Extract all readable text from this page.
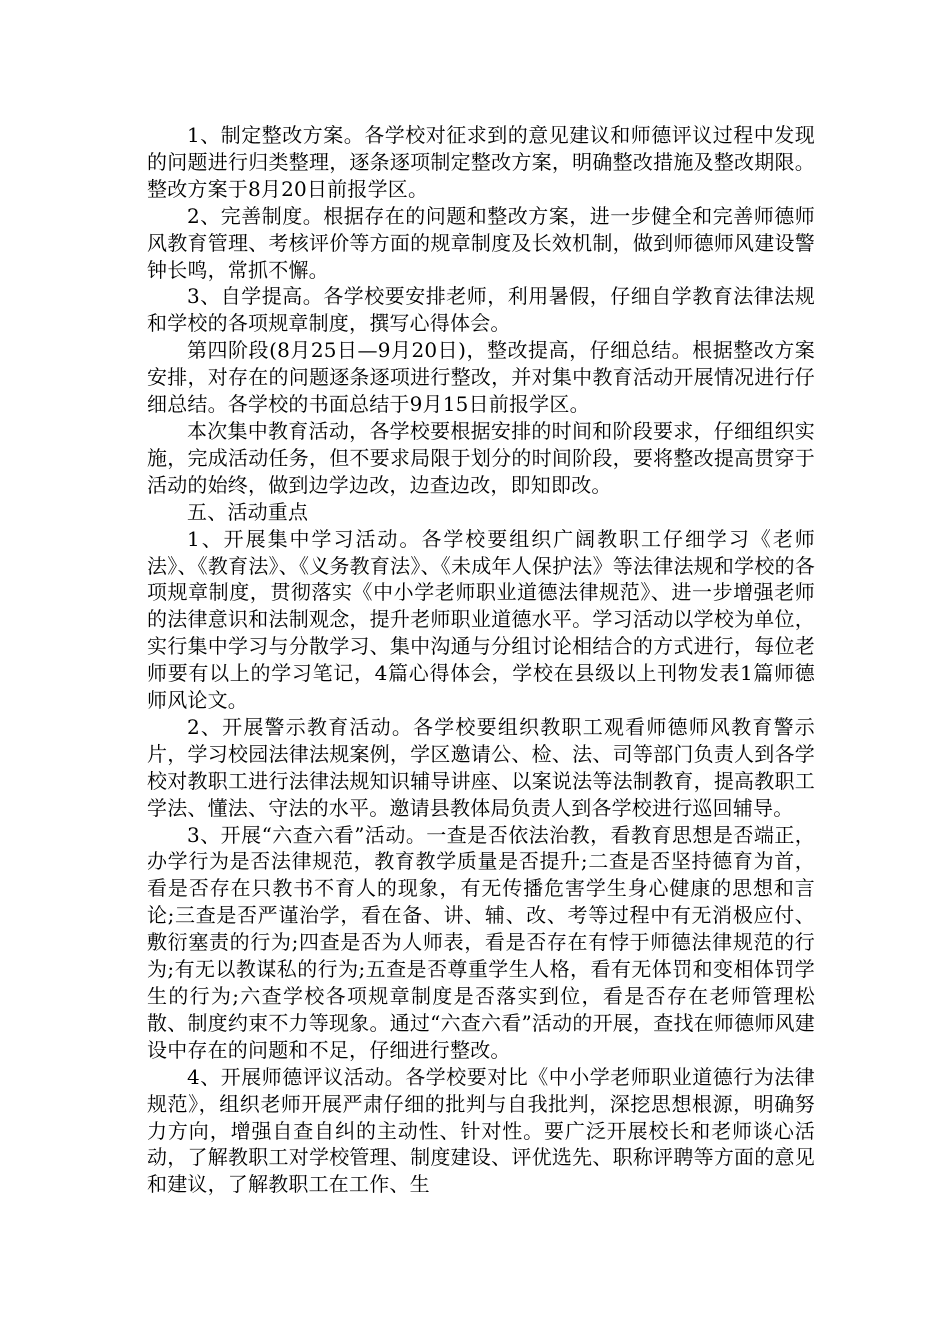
1、制定整改方案。各学校对征求到的意见建议和师德评议过程中发现的问题进行归类整理，逐条逐项制定整改方案，明确整改措施及整改期限。整改方案于8月20日前报学区。

2、完善制度。根据存在的问题和整改方案，进一步健全和完善师德师风教育管理、考核评价等方面的规章制度及长效机制，做到师德师风建设警钟长鸣，常抓不懈。

3、自学提高。各学校要安排老师，利用暑假，仔细自学教育法律法规和学校的各项规章制度，撰写心得体会。

第四阶段(8月25日—9月20日)，整改提高，仔细总结。根据整改方案安排，对存在的问题逐条逐项进行整改，并对集中教育活动开展情况进行仔细总结。各学校的书面总结于9月15日前报学区。

本次集中教育活动，各学校要根据安排的时间和阶段要求，仔细组织实施，完成活动任务，但不要求局限于划分的时间阶段，要将整改提高贯穿于活动的始终，做到边学边改，边查边改，即知即改。

五、活动重点

1、开展集中学习活动。各学校要组织广阔教职工仔细学习《老师法》、《教育法》、《义务教育法》、《未成年人保护法》等法律法规和学校的各项规章制度，贯彻落实《中小学老师职业道德法律规范》、进一步增强老师的法律意识和法制观念，提升老师职业道德水平。学习活动以学校为单位，实行集中学习与分散学习、集中沟通与分组讨论相结合的方式进行，每位老师要有以上的学习笔记，4篇心得体会，学校在县级以上刊物发表1篇师德师风论文。

2、开展警示教育活动。各学校要组织教职工观看师德师风教育警示片，学习校园法律法规案例，学区邀请公、检、法、司等部门负责人到各学校对教职工进行法律法规知识辅导讲座、以案说法等法制教育，提高教职工学法、懂法、守法的水平。邀请县教体局负责人到各学校进行巡回辅导。

3、开展“六查六看”活动。一查是否依法治教，看教育思想是否端正，办学行为是否法律规范，教育教学质量是否提升;二查是否坚持德育为首，看是否存在只教书不育人的现象，有无传播危害学生身心健康的思想和言论;三查是否严谨治学，看在备、讲、辅、改、考等过程中有无消极应付、敷衍塞责的行为;四查是否为人师表，看是否存在有悖于师德法律规范的行为;有无以教谋私的行为;五查是否尊重学生人格，看有无体罚和变相体罚学生的行为;六查学校各项规章制度是否落实到位，看是否存在老师管理松散、制度约束不力等现象。通过“六查六看”活动的开展，查找在师德师风建设中存在的问题和不足，仔细进行整改。

4、开展师德评议活动。各学校要对比《中小学老师职业道德行为法律规范》，组织老师开展严肃仔细的批判与自我批判，深挖思想根源，明确努力方向，增强自查自纠的主动性、针对性。要广泛开展校长和老师谈心活动，了解教职工对学校管理、制度建设、评优选先、职称评聘等方面的意见和建议，了解教职工在工作、生
